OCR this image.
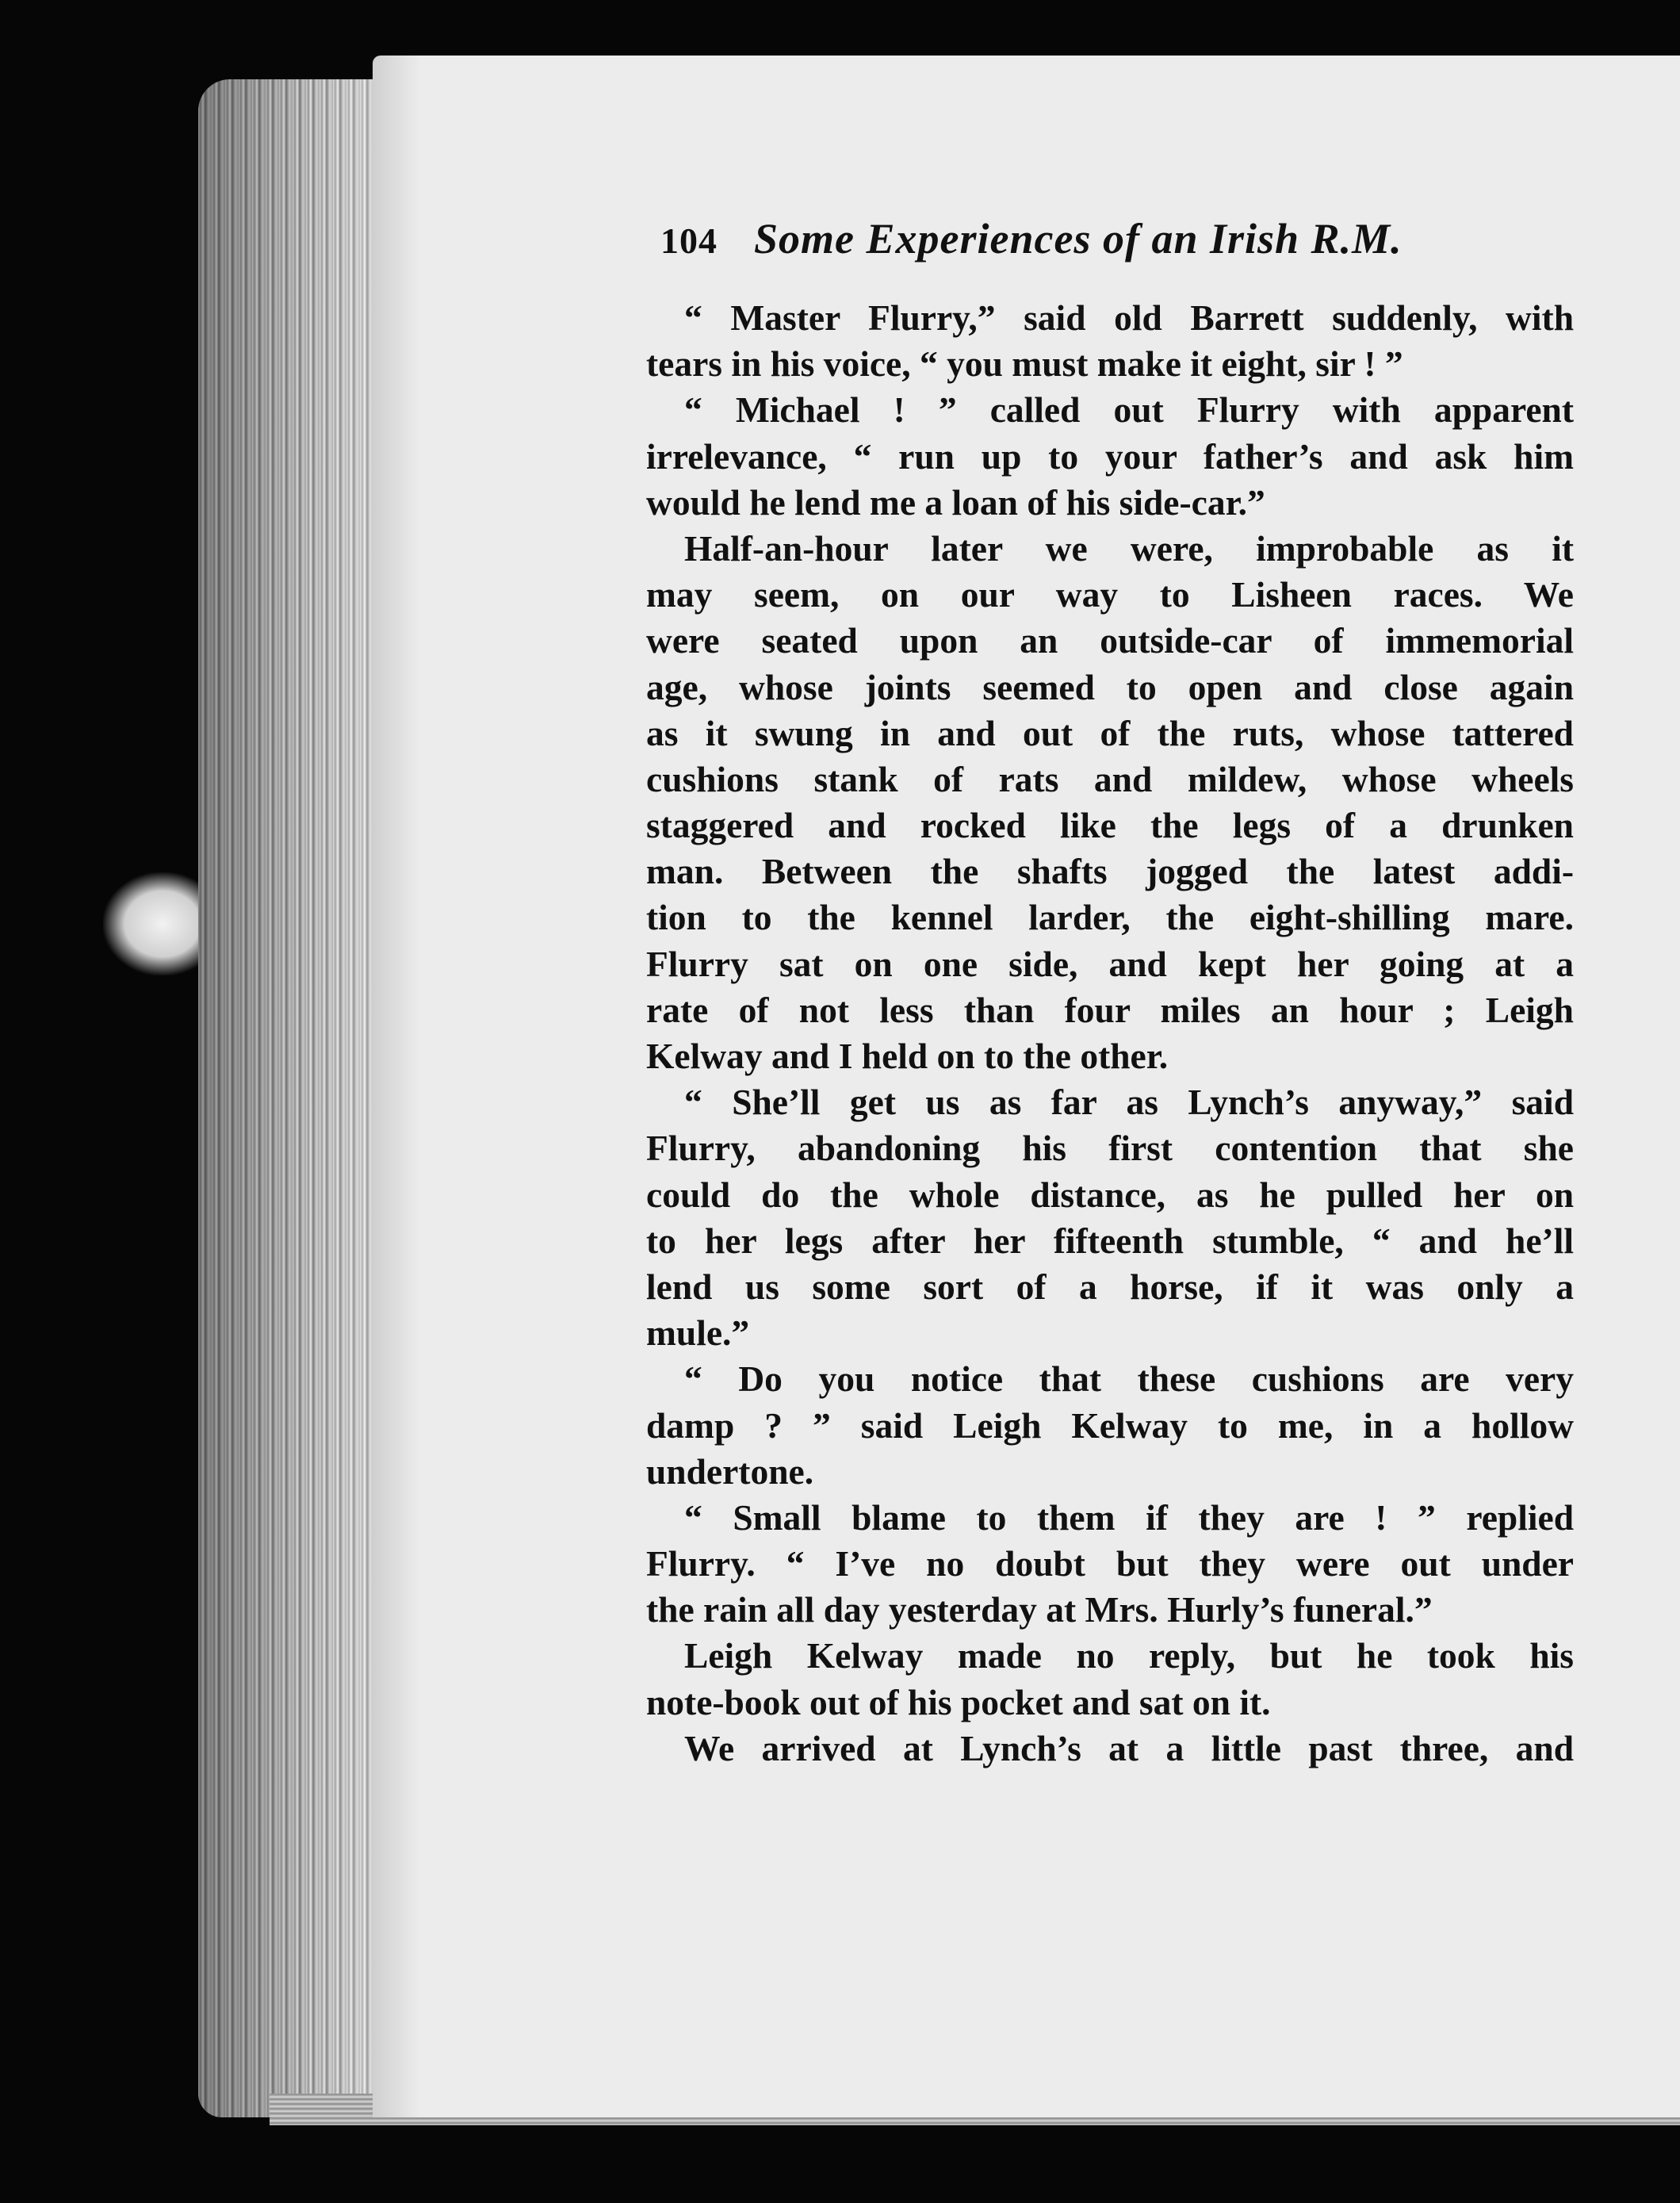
104 Some Experiences of an Irish R.M.
“ Master Flurry,” said old Barrett suddenly, with
tears in his voice, “ you must make it eight, sir ! ”
“ Michael ! ” called out Flurry with apparent
irrelevance, “ run up to your father’s and ask him
would he lend me a loan of his side-car.”
Half-an-hour later we were, improbable as it
may seem, on our way to Lisheen races. We
were seated upon an outside-car of immemorial
age, whose joints seemed to open and close again
as it swung in and out of the ruts, whose tattered
cushions stank of rats and mildew, whose wheels
staggered and rocked like the legs of a drunken
man. Between the shafts jogged the latest addi-
tion to the kennel larder, the eight-shilling mare.
Flurry sat on one side, and kept her going at a
rate of not less than four miles an hour ; Leigh
Kelway and I held on to the other.
“ She’ll get us as far as Lynch’s anyway,” said
Flurry, abandoning his first contention that she
could do the whole distance, as he pulled her on
to her legs after her fifteenth stumble, “ and he’ll
lend us some sort of a horse, if it was only a
mule.”
“ Do you notice that these cushions are very
damp ? ” said Leigh Kelway to me, in a hollow
undertone.
“ Small blame to them if they are ! ” replied
Flurry. “ I’ve no doubt but they were out under
the rain all day yesterday at Mrs. Hurly’s funeral.”
Leigh Kelway made no reply, but he took his
note-book out of his pocket and sat on it.
We arrived at Lynch’s at a little past three, and
